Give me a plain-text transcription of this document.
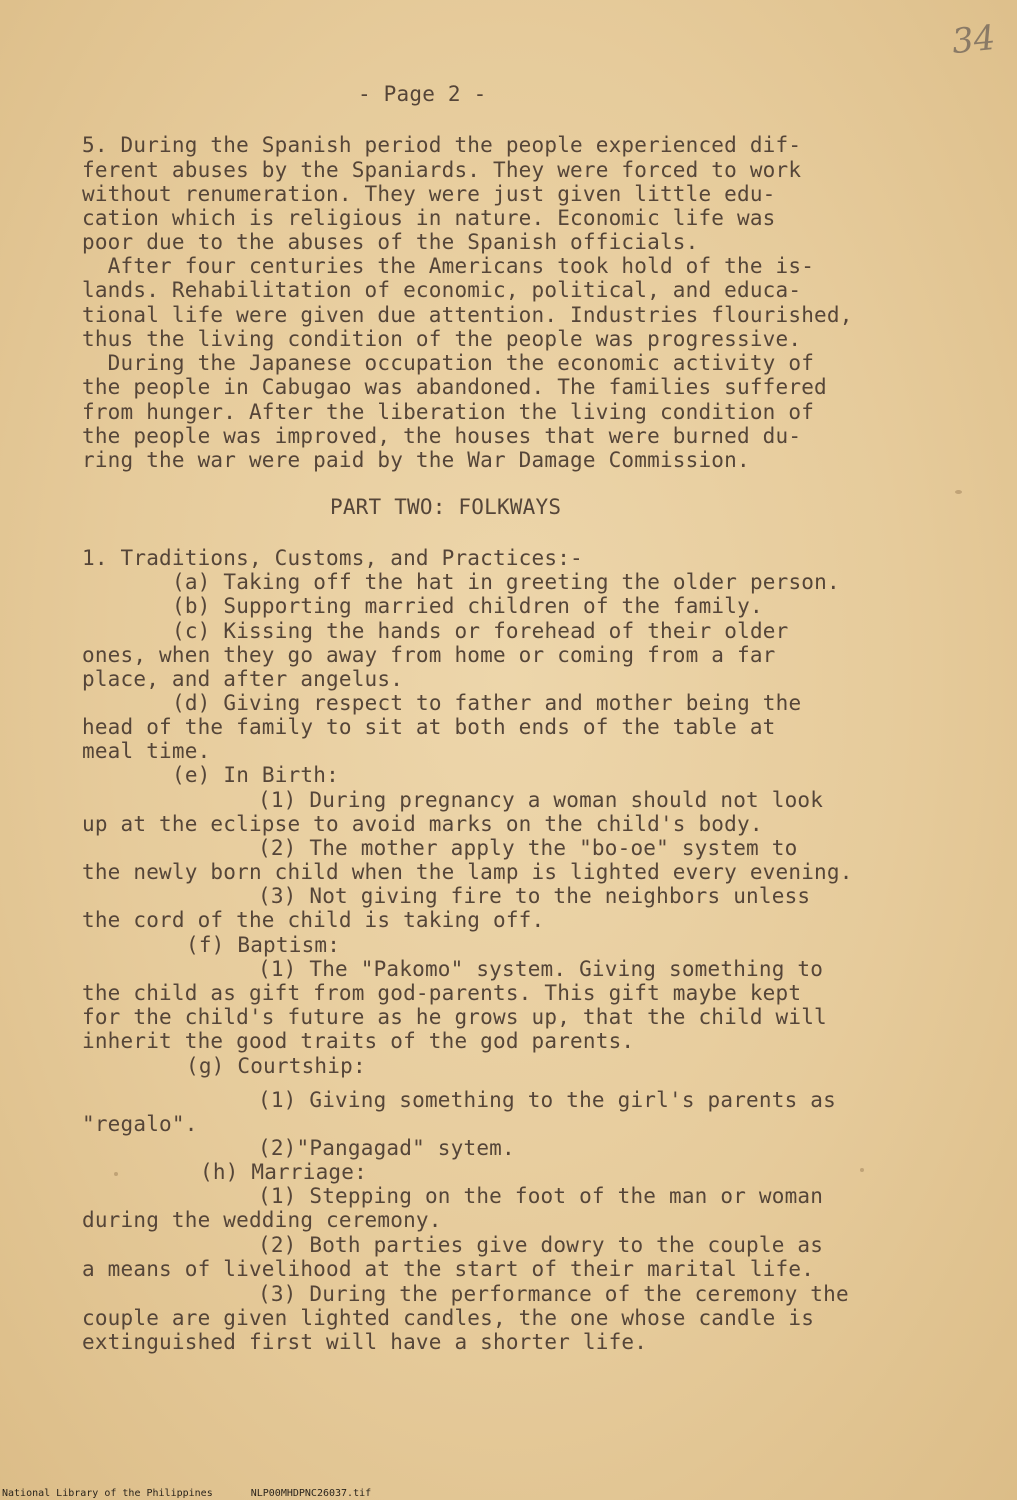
34
- Page 2 -
5. During the Spanish period the people experienced dif-
ferent abuses by the Spaniards. They were forced to work
without renumeration. They were just given little edu-
cation which is religious in nature. Economic life was
poor due to the abuses of the Spanish officials.
After four centuries the Americans took hold of the is-
lands. Rehabilitation of economic, political, and educa-
tional life were given due attention. Industries flourished,
thus the living condition of the people was progressive.
During the Japanese occupation the economic activity of
the people in Cabugao was abandoned. The families suffered
from hunger. After the liberation the living condition of
the people was improved, the houses that were burned du-
ring the war were paid by the War Damage Commission.
PART TWO: FOLKWAYS
1. Traditions, Customs, and Practices:-
(a) Taking off the hat in greeting the older person.
(b) Supporting married children of the family.
(c) Kissing the hands or forehead of their older
ones, when they go away from home or coming from a far
place, and after angelus.
(d) Giving respect to father and mother being the
head of the family to sit at both ends of the table at
meal time.
(e) In Birth:
(1) During pregnancy a woman should not look
up at the eclipse to avoid marks on the child's body.
(2) The mother apply the "bo-oe" system to
the newly born child when the lamp is lighted every evening.
(3) Not giving fire to the neighbors unless
the cord of the child is taking off.
(f) Baptism:
(1) The "Pakomo" system. Giving something to
the child as gift from god-parents. This gift maybe kept
for the child's future as he grows up, that the child will
inherit the good traits of the god parents.
(g) Courtship:
(1) Giving something to the girl's parents as
"regalo".
(2)"Pangagad" sytem.
(h) Marriage:
(1) Stepping on the foot of the man or woman
during the wedding ceremony.
(2) Both parties give dowry to the couple as
a means of livelihood at the start of their marital life.
(3) During the performance of the ceremony the
couple are given lighted candles, the one whose candle is
extinguished first will have a shorter life.
National Library of the Philippines	NLP00MHDPNC26037.tif
